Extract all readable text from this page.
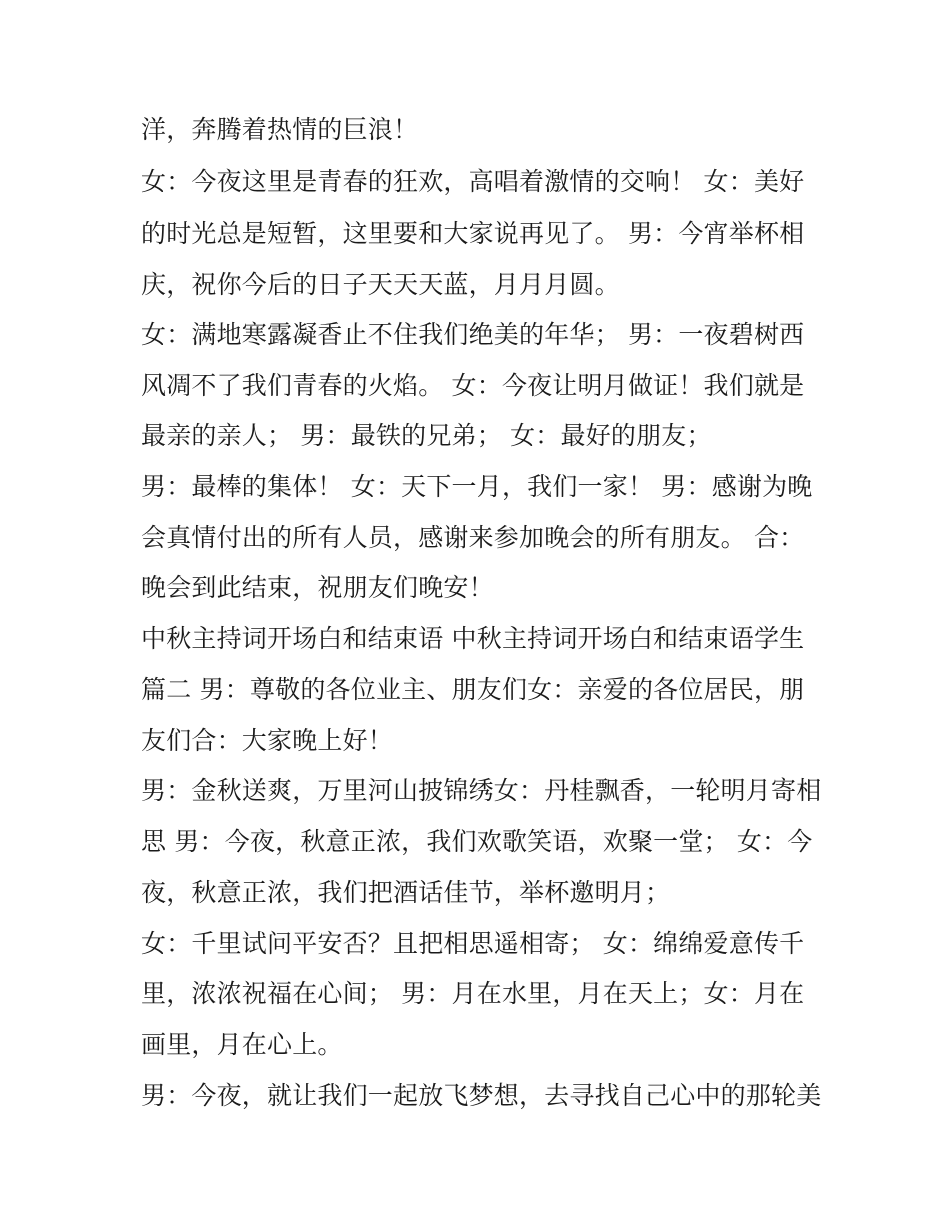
洋，奔腾着热情的巨浪！
女：今夜这里是青春的狂欢，高唱着激情的交响！ 女：美好
的时光总是短暂，这里要和大家说再见了。 男：今宵举杯相
庆，祝你今后的日子天天天蓝，月月月圆。
女：满地寒露凝香止不住我们绝美的年华； 男：一夜碧树西
风凋不了我们青春的火焰。 女：今夜让明月做证！我们就是
最亲的亲人； 男：最铁的兄弟； 女：最好的朋友；
男：最棒的集体！ 女：天下一月，我们一家！ 男：感谢为晚
会真情付出的所有人员，感谢来参加晚会的所有朋友。 合：
晚会到此结束，祝朋友们晚安！
中秋主持词开场白和结束语 中秋主持词开场白和结束语学生
篇二 男：尊敬的各位业主、朋友们女：亲爱的各位居民，朋
友们合：大家晚上好！
男：金秋送爽，万里河山披锦绣女：丹桂飘香，一轮明月寄相
思 男：今夜，秋意正浓，我们欢歌笑语，欢聚一堂； 女：今
夜，秋意正浓，我们把酒话佳节，举杯邀明月；
女：千里试问平安否？且把相思遥相寄； 女：绵绵爱意传千
里，浓浓祝福在心间； 男：月在水里，月在天上；女：月在
画里，月在心上。
男：今夜，就让我们一起放飞梦想，去寻找自己心中的那轮美
